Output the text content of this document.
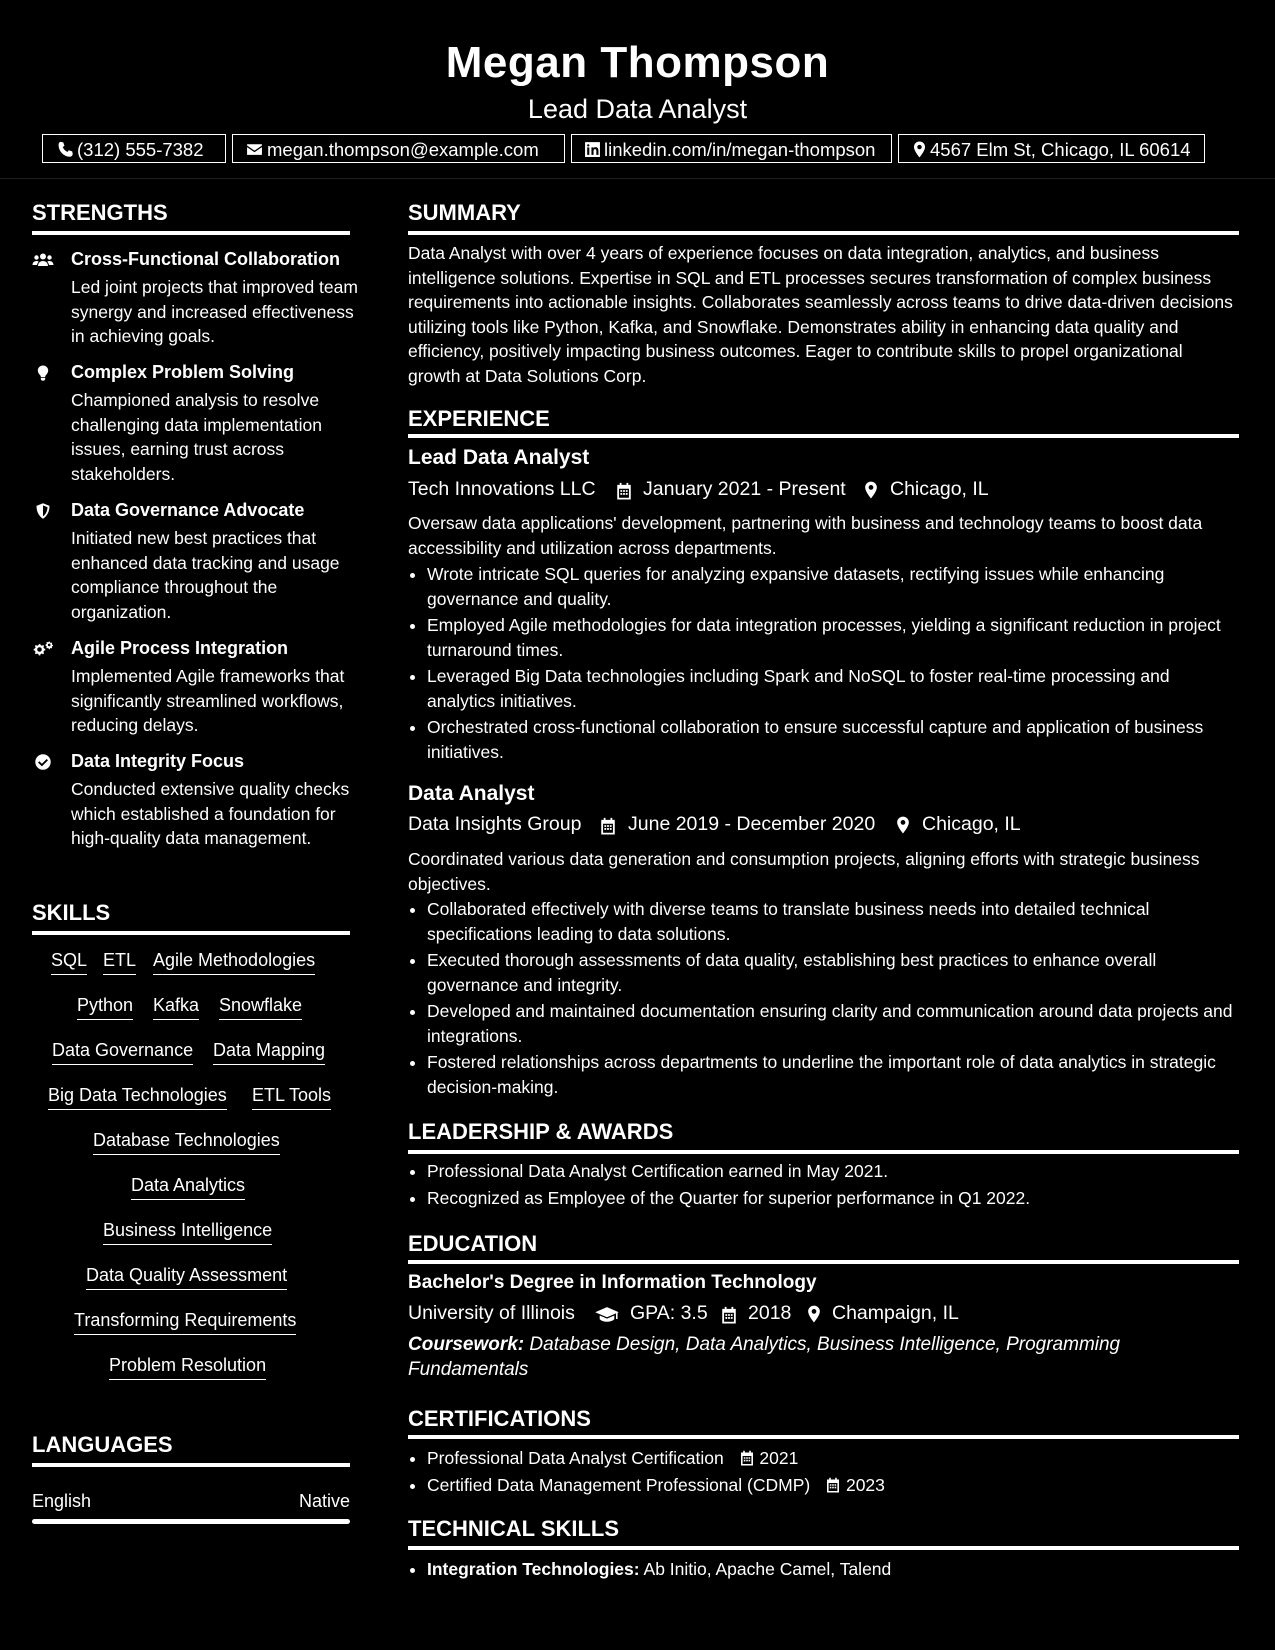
Megan Thompson
Lead Data Analyst
(312) 555-7382	megan.thompson@example.com	linkedin.com/in/megan-thompson	4567 Elm St, Chicago, IL 60614
STRENGTHS
Cross-Functional Collaboration
Led joint projects that improved team synergy and increased effectiveness in achieving goals.
Complex Problem Solving
Championed analysis to resolve challenging data implementation issues, earning trust across stakeholders.
Data Governance Advocate
Initiated new best practices that enhanced data tracking and usage compliance throughout the organization.
Agile Process Integration
Implemented Agile frameworks that significantly streamlined workflows, reducing delays.
Data Integrity Focus
Conducted extensive quality checks which established a foundation for high-quality data management.
SKILLS
SQL ETL Agile Methodologies
Python Kafka Snowflake
Data Governance Data Mapping
Big Data Technologies ETL Tools
Database Technologies
Data Analytics
Business Intelligence
Data Quality Assessment
Transforming Requirements
Problem Resolution
LANGUAGES
English	Native
SUMMARY
Data Analyst with over 4 years of experience focuses on data integration, analytics, and business intelligence solutions. Expertise in SQL and ETL processes secures transformation of complex business requirements into actionable insights. Collaborates seamlessly across teams to drive data-driven decisions utilizing tools like Python, Kafka, and Snowflake. Demonstrates ability in enhancing data quality and efficiency, positively impacting business outcomes. Eager to contribute skills to propel organizational growth at Data Solutions Corp.
EXPERIENCE
Lead Data Analyst
Tech Innovations LLC January 2021 - Present Chicago, IL
Oversaw data applications' development, partnering with business and technology teams to boost data accessibility and utilization across departments.
• Wrote intricate SQL queries for analyzing expansive datasets, rectifying issues while enhancing governance and quality.
• Employed Agile methodologies for data integration processes, yielding a significant reduction in project turnaround times.
• Leveraged Big Data technologies including Spark and NoSQL to foster real-time processing and analytics initiatives.
• Orchestrated cross-functional collaboration to ensure successful capture and application of business initiatives.
Data Analyst
Data Insights Group June 2019 - December 2020 Chicago, IL
Coordinated various data generation and consumption projects, aligning efforts with strategic business objectives.
• Collaborated effectively with diverse teams to translate business needs into detailed technical specifications leading to data solutions.
• Executed thorough assessments of data quality, establishing best practices to enhance overall governance and integrity.
• Developed and maintained documentation ensuring clarity and communication around data projects and integrations.
• Fostered relationships across departments to underline the important role of data analytics in strategic decision-making.
LEADERSHIP & AWARDS
• Professional Data Analyst Certification earned in May 2021.
• Recognized as Employee of the Quarter for superior performance in Q1 2022.
EDUCATION
Bachelor's Degree in Information Technology
University of Illinois	GPA: 3.5 2018 Champaign, IL
Coursework: Database Design, Data Analytics, Business Intelligence, Programming Fundamentals
CERTIFICATIONS
• Professional Data Analyst Certification 2021
• Certified Data Management Professional (CDMP) 2023
TECHNICAL SKILLS
• Integration Technologies: Ab Initio, Apache Camel, Talend
